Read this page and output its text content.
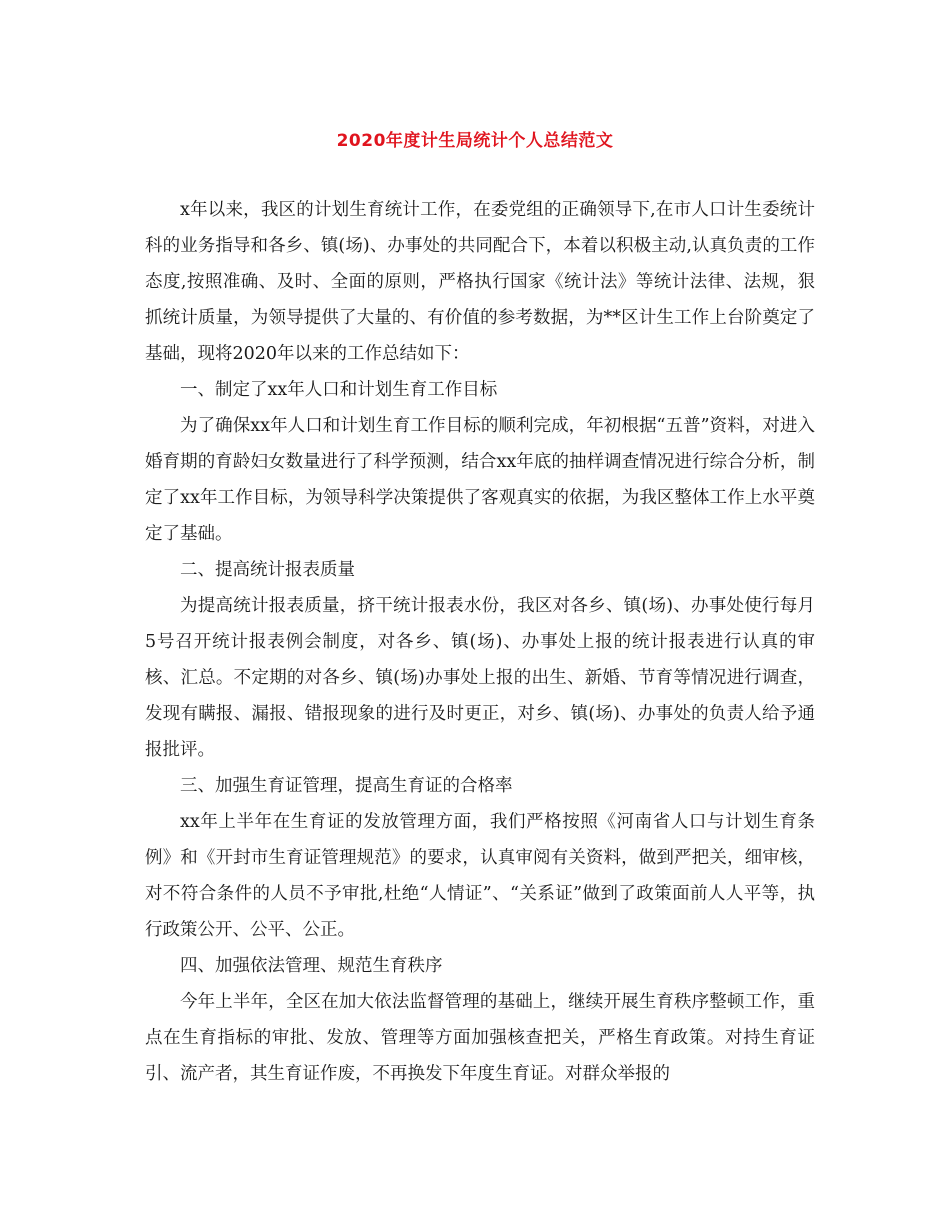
2020年度计生局统计个人总结范文

x年以来，我区的计划生育统计工作，在委党组的正确领导下,在市人口计生委统计科的业务指导和各乡、镇(场)、办事处的共同配合下，本着以积极主动,认真负责的工作态度,按照准确、及时、全面的原则，严格执行国家《统计法》等统计法律、法规，狠抓统计质量，为领导提供了大量的、有价值的参考数据，为**区计生工作上台阶奠定了基础，现将2020年以来的工作总结如下：

一、制定了xx年人口和计划生育工作目标

为了确保xx年人口和计划生育工作目标的顺利完成，年初根据“五普”资料，对进入婚育期的育龄妇女数量进行了科学预测，结合xx年底的抽样调查情况进行综合分析，制定了xx年工作目标，为领导科学决策提供了客观真实的依据，为我区整体工作上水平奠定了基础。

二、提高统计报表质量

为提高统计报表质量，挤干统计报表水份，我区对各乡、镇(场)、办事处使行每月5号召开统计报表例会制度，对各乡、镇(场)、办事处上报的统计报表进行认真的审核、汇总。不定期的对各乡、镇(场)办事处上报的出生、新婚、节育等情况进行调查，发现有瞒报、漏报、错报现象的进行及时更正，对乡、镇(场)、办事处的负责人给予通报批评。

三、加强生育证管理，提高生育证的合格率

xx年上半年在生育证的发放管理方面，我们严格按照《河南省人口与计划生育条例》和《开封市生育证管理规范》的要求，认真审阅有关资料，做到严把关，细审核，对不符合条件的人员不予审批,杜绝“人情证”、“关系证”做到了政策面前人人平等，执行政策公开、公平、公正。

四、加强依法管理、规范生育秩序

今年上半年，全区在加大依法监督管理的基础上，继续开展生育秩序整顿工作，重点在生育指标的审批、发放、管理等方面加强核查把关，严格生育政策。对持生育证引、流产者，其生育证作废，不再换发下年度生育证。对群众举报的
